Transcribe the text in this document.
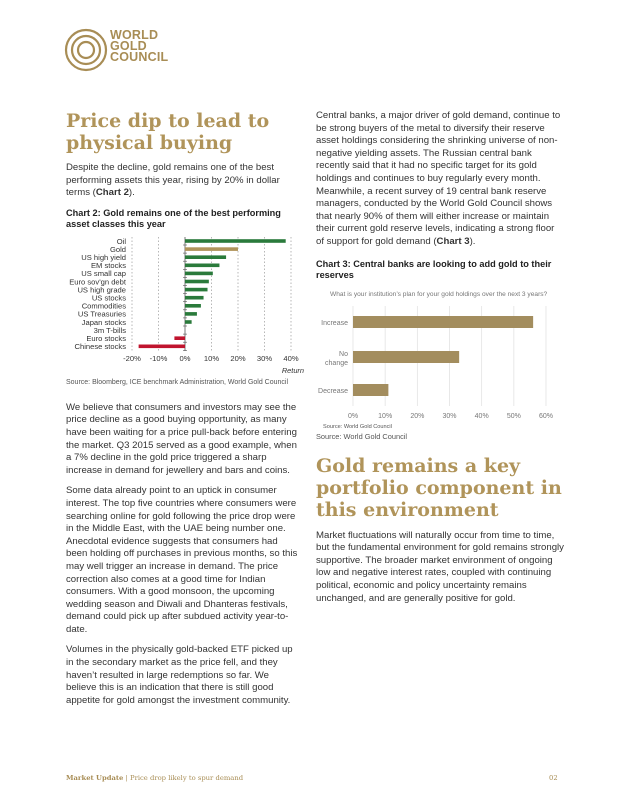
WORLD
GOLD
COUNCIL
Price dip to lead to physical buying

Despite the decline, gold remains one of the best performing assets this year, rising by 20% in dollar terms (Chart 2).

Chart 2: Gold remains one of the best performing asset classes this year
-20% -10% 0% 10% 20% 30% 40%
Oil
Gold
US high yield
EM stocks
US small cap
Euro sov'gn debt
US high grade
US stocks
Commodities
US Treasuries
Japan stocks
3m T-bills
Euro stocks
Chinese stocks
Return
Source: Bloomberg, ICE benchmark Administration, World Gold Council

We believe that consumers and investors may see the price decline as a good buying opportunity, as many have been waiting for a price pull-back before entering the market. Q3 2015 served as a good example, when a 7% decline in the gold price triggered a sharp increase in demand for jewellery and bars and coins.

Some data already point to an uptick in consumer interest. The top five countries where consumers were searching online for gold following the price drop were in the Middle East, with the UAE being number one. Anecdotal evidence suggests that consumers had been holding off purchases in previous months, so this may well trigger an increase in demand. The price correction also comes at a good time for Indian consumers. With a good monsoon, the upcoming wedding season and Diwali and Dhanteras festivals, demand could pick up after subdued activity year-to-date.

Volumes in the physically gold-backed ETF picked up in the secondary market as the price fell, and they haven’t resulted in large redemptions so far. We believe this is an indication that there is still good appetite for gold amongst the investment community.

Central banks, a major driver of gold demand, continue to be strong buyers of the metal to diversify their reserve asset holdings considering the shrinking universe of non-negative yielding assets. The Russian central bank recently said that it had no specific target for its gold holdings and continues to buy regularly every month. Meanwhile, a recent survey of 19 central bank reserve managers, conducted by the World Gold Council shows that nearly 90% of them will either increase or maintain their current gold reserve levels, indicating a strong floor of support for gold demand (Chart 3).

Chart 3: Central banks are looking to add gold to their reserves
What is your institution’s plan for your gold holdings over the next 3 years?
0%	10%	20%	30%	40%	50%	60%
Increase
No
change
Decrease
Source: World Gold Council
Source: World Gold Council
Gold remains a key portfolio component in this environment

Market fluctuations will naturally occur from time to time, but the fundamental environment for gold remains strongly supportive. The broader market environment of ongoing low and negative interest rates, coupled with continuing political, economic and policy uncertainty remains unchanged, and are generally positive for gold.

Market Update | Price drop likely to spur demand	02
